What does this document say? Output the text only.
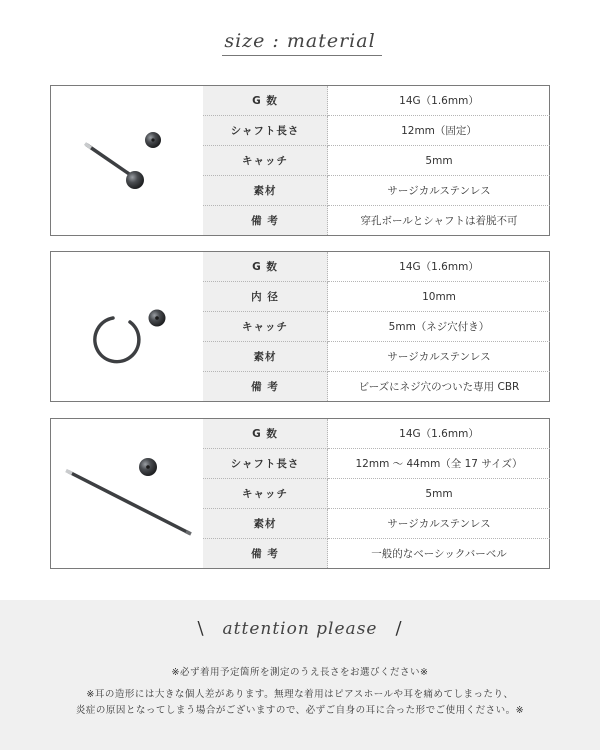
size : material
G 数	14G（1.6mm）
シャフト長さ	12mm（固定）
キャッチ	5mm
素材	サージカルステンレス
備 考	穿孔ボールとシャフトは着脱不可
G 数	14G（1.6mm）
内 径	10mm
キャッチ	5mm（ネジ穴付き）
素材	サージカルステンレス
備 考	ビーズにネジ穴のついた専用 CBR
G 数	14G（1.6mm）
シャフト長さ	12mm 〜 44mm（全 17 サイズ）
キャッチ	5mm
素材	サージカルステンレス
備 考	一般的なベーシックバーベル
\ attention please /
※必ず着用予定箇所を測定のうえ長さをお選びください※
※耳の造形には大きな個人差があります。無理な着用はピアスホールや耳を痛めてしまったり、
炎症の原因となってしまう場合がございますので、必ずご自身の耳に合った形でご使用ください。※
